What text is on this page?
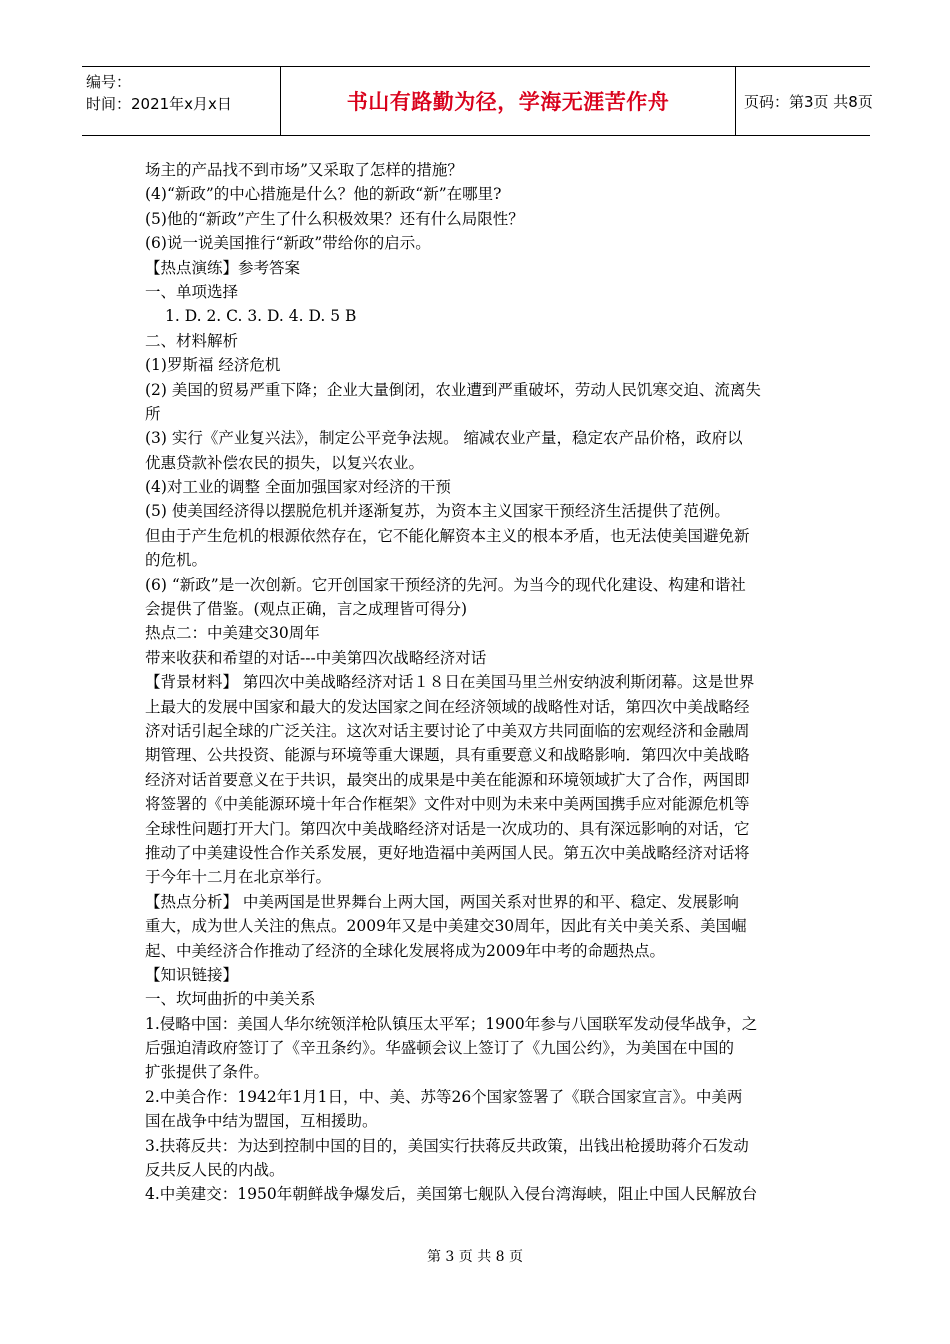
编号：
时间：2021年x月x日	书山有路勤为径，学海无涯苦作舟	页码：第3页 共8页
场主的产品找不到市场”又采取了怎样的措施？
(4)“新政”的中心措施是什么？他的新政“新”在哪里?
(5)他的“新政”产生了什么积极效果？还有什么局限性？
(6)说一说美国推行“新政”带给你的启示。
【热点演练】参考答案
一、单项选择
1. D. 2. C. 3. D. 4. D. 5 B
二、材料解析
(1)罗斯福 经济危机
(2) 美国的贸易严重下降；企业大量倒闭，农业遭到严重破坏，劳动人民饥寒交迫、流离失
所
(3) 实行《产业复兴法》，制定公平竞争法规。 缩减农业产量，稳定农产品价格，政府以
优惠贷款补偿农民的损失，以复兴农业。
(4)对工业的调整 全面加强国家对经济的干预
(5) 使美国经济得以摆脱危机并逐渐复苏，为资本主义国家干预经济生活提供了范例。
但由于产生危机的根源依然存在，它不能化解资本主义的根本矛盾，也无法使美国避免新
的危机。
(6) “新政”是一次创新。它开创国家干预经济的先河。为当今的现代化建设、构建和谐社
会提供了借鉴。(观点正确，言之成理皆可得分)
热点二：中美建交30周年
带来收获和希望的对话---中美第四次战略经济对话
【背景材料】 第四次中美战略经济对话１８日在美国马里兰州安纳波利斯闭幕。这是世界
上最大的发展中国家和最大的发达国家之间在经济领域的战略性对话，第四次中美战略经
济对话引起全球的广泛关注。这次对话主要讨论了中美双方共同面临的宏观经济和金融周
期管理、公共投资、能源与环境等重大课题，具有重要意义和战略影响．第四次中美战略
经济对话首要意义在于共识，最突出的成果是中美在能源和环境领域扩大了合作，两国即
将签署的《中美能源环境十年合作框架》文件对中则为未来中美两国携手应对能源危机等
全球性问题打开大门。第四次中美战略经济对话是一次成功的、具有深远影响的对话，它
推动了中美建设性合作关系发展，更好地造福中美两国人民。第五次中美战略经济对话将
于今年十二月在北京举行。
【热点分析】 中美两国是世界舞台上两大国，两国关系对世界的和平、稳定、发展影响
重大，成为世人关注的焦点。2009年又是中美建交30周年，因此有关中美关系、美国崛
起、中美经济合作推动了经济的全球化发展将成为2009年中考的命题热点。
【知识链接】
一、坎坷曲折的中美关系
1.侵略中国：美国人华尔统领洋枪队镇压太平军；1900年参与八国联军发动侵华战争，之
后强迫清政府签订了《辛丑条约》。华盛顿会议上签订了《九国公约》，为美国在中国的
扩张提供了条件。
2.中美合作：1942年1月1日，中、美、苏等26个国家签署了《联合国家宣言》。中美两
国在战争中结为盟国，互相援助。
3.扶蒋反共：为达到控制中国的目的，美国实行扶蒋反共政策，出钱出枪援助蒋介石发动
反共反人民的内战。
4.中美建交：1950年朝鲜战争爆发后，美国第七舰队入侵台湾海峡，阻止中国人民解放台
第 3 页 共 8 页
